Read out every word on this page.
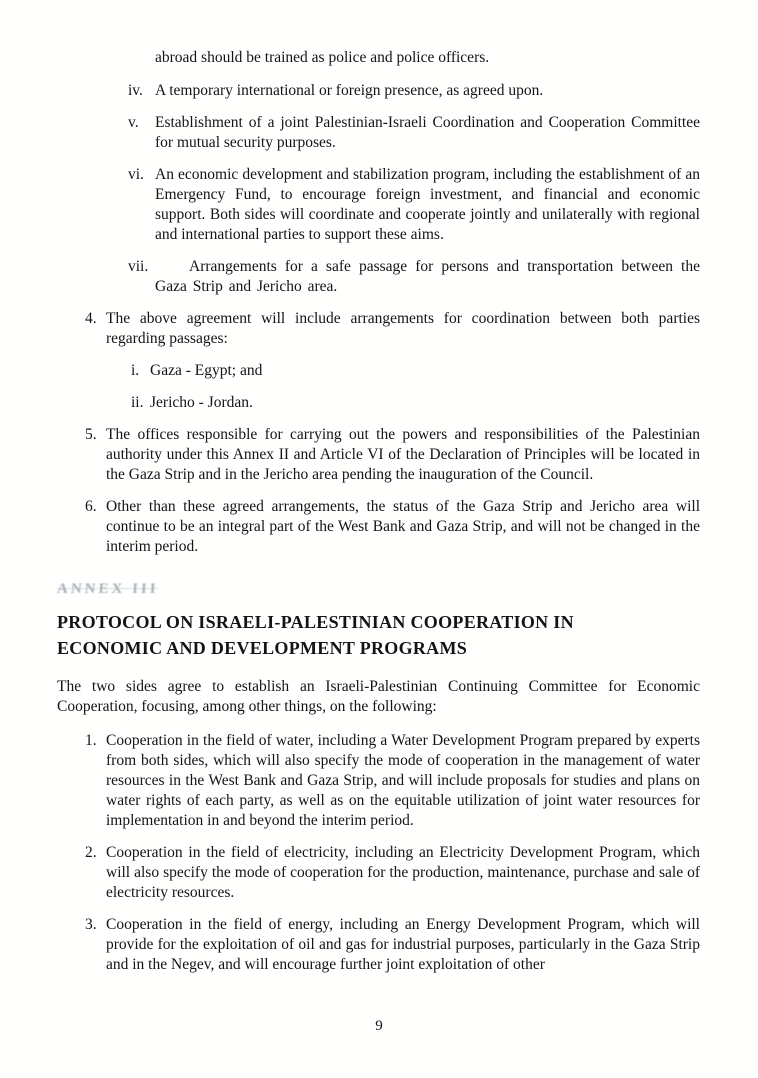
abroad should be trained as police and police officers.
iv. A temporary international or foreign presence, as agreed upon.
v.	Establishment of a joint Palestinian-Israeli Coordination and Cooperation Committee for mutual security purposes.
vi. An economic development and stabilization program, including the establishment of an Emergency Fund, to encourage foreign investment, and financial and economic support. Both sides will coordinate and cooperate jointly and unilaterally with regional and international parties to support these aims.
vii.	Arrangements for a safe passage for persons and transportation between the Gaza Strip and Jericho area.
4. The above agreement will include arrangements for coordination between both parties regarding passages:
i. Gaza - Egypt; and
ii. Jericho - Jordan.
5. The offices responsible for carrying out the powers and responsibilities of the Palestinian authority under this Annex II and Article VI of the Declaration of Principles will be located in the Gaza Strip and in the Jericho area pending the inauguration of the Council.
6. Other than these agreed arrangements, the status of the Gaza Strip and Jericho area will continue to be an integral part of the West Bank and Gaza Strip, and will not be changed in the interim period.
ANNEX III
PROTOCOL ON ISRAELI-PALESTINIAN COOPERATION IN
ECONOMIC AND DEVELOPMENT PROGRAMS
The two sides agree to establish an Israeli-Palestinian Continuing Committee for Economic Cooperation, focusing, among other things, on the following:
1. Cooperation in the field of water, including a Water Development Program prepared by experts from both sides, which will also specify the mode of cooperation in the management of water resources in the West Bank and Gaza Strip, and will include proposals for studies and plans on water rights of each party, as well as on the equitable utilization of joint water resources for implementation in and beyond the interim period.
2. Cooperation in the field of electricity, including an Electricity Development Program, which will also specify the mode of cooperation for the production, maintenance, purchase and sale of electricity resources.
3. Cooperation in the field of energy, including an Energy Development Program, which will provide for the exploitation of oil and gas for industrial purposes, particularly in the Gaza Strip and in the Negev, and will encourage further joint exploitation of other
9
